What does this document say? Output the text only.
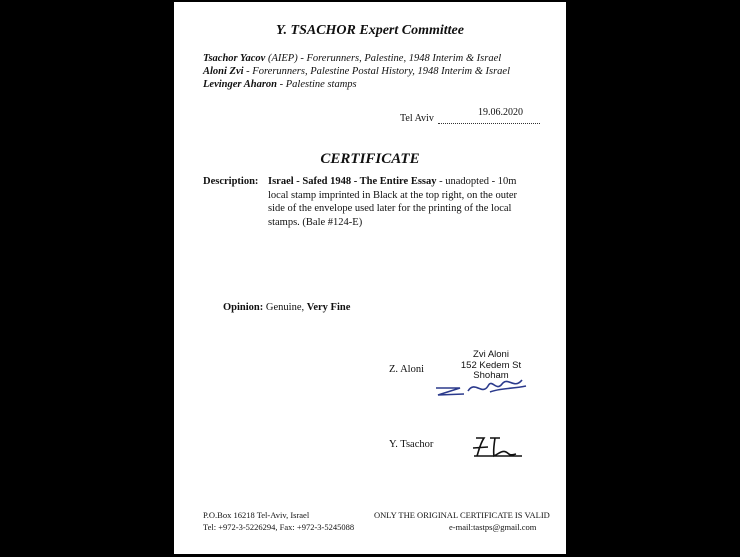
Y. TSACHOR Expert Committee
Tsachor Yacov (AIEP) - Forerunners, Palestine, 1948 Interim & Israel
Aloni Zvi - Forerunners, Palestine Postal History, 1948 Interim & Israel
Levinger Aharon - Palestine stamps
19.06.2020
Tel Aviv
CERTIFICATE
Description: Israel - Safed 1948 - The Entire Essay - unadopted - 10m local stamp imprinted in Black at the top right, on the outer side of the envelope used later for the printing of the local stamps. (Bale #124-E)
Opinion: Genuine, Very Fine
Z. Aloni
Zvi Aloni
152 Kedem St
Shoham
Y. Tsachor
P.O.Box 16218 Tel-Aviv, Israel
Tel: +972-3-5226294, Fax: +972-3-5245088
ONLY THE ORIGINAL CERTIFICATE IS VALID
e-mail:tastps@gmail.com
